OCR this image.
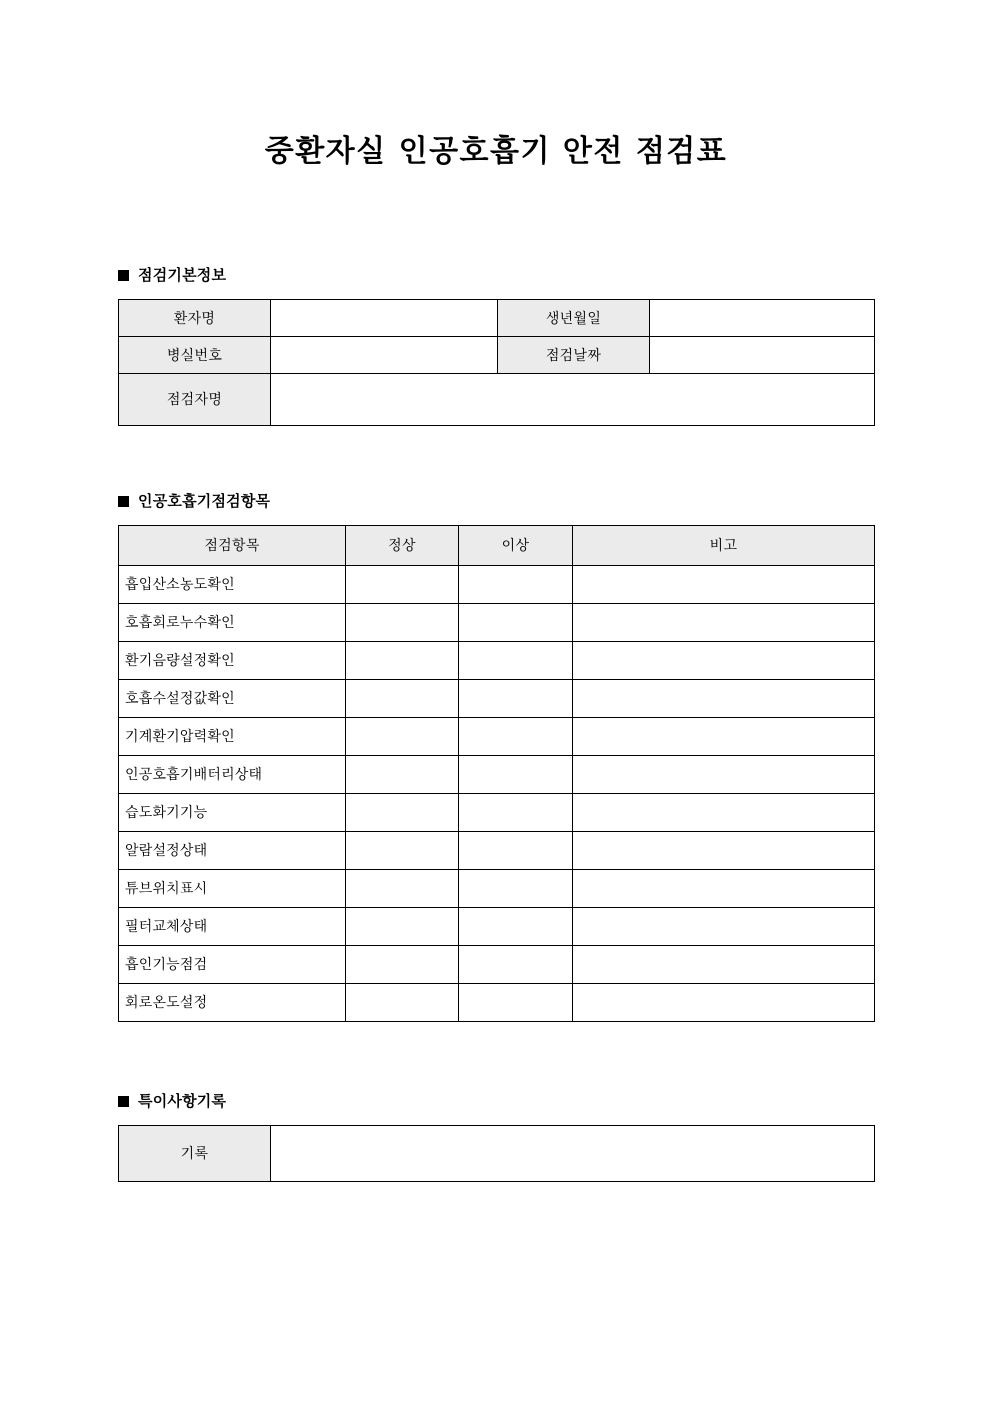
중환자실 인공호흡기 안전 점검표
점검기본정보
환자명		생년월일	
병실번호		점검날짜	
점검자명			
인공호흡기점검항목
점검항목	정상	이상	비고
흡입산소농도확인			
호흡회로누수확인			
환기음량설정확인			
호흡수설정값확인			
기계환기압력확인			
인공호흡기배터리상태			
습도화기기능			
알람설정상태			
튜브위치표시			
필터교체상태			
흡인기능점검			
회로온도설정			
특이사항기록
기록	
